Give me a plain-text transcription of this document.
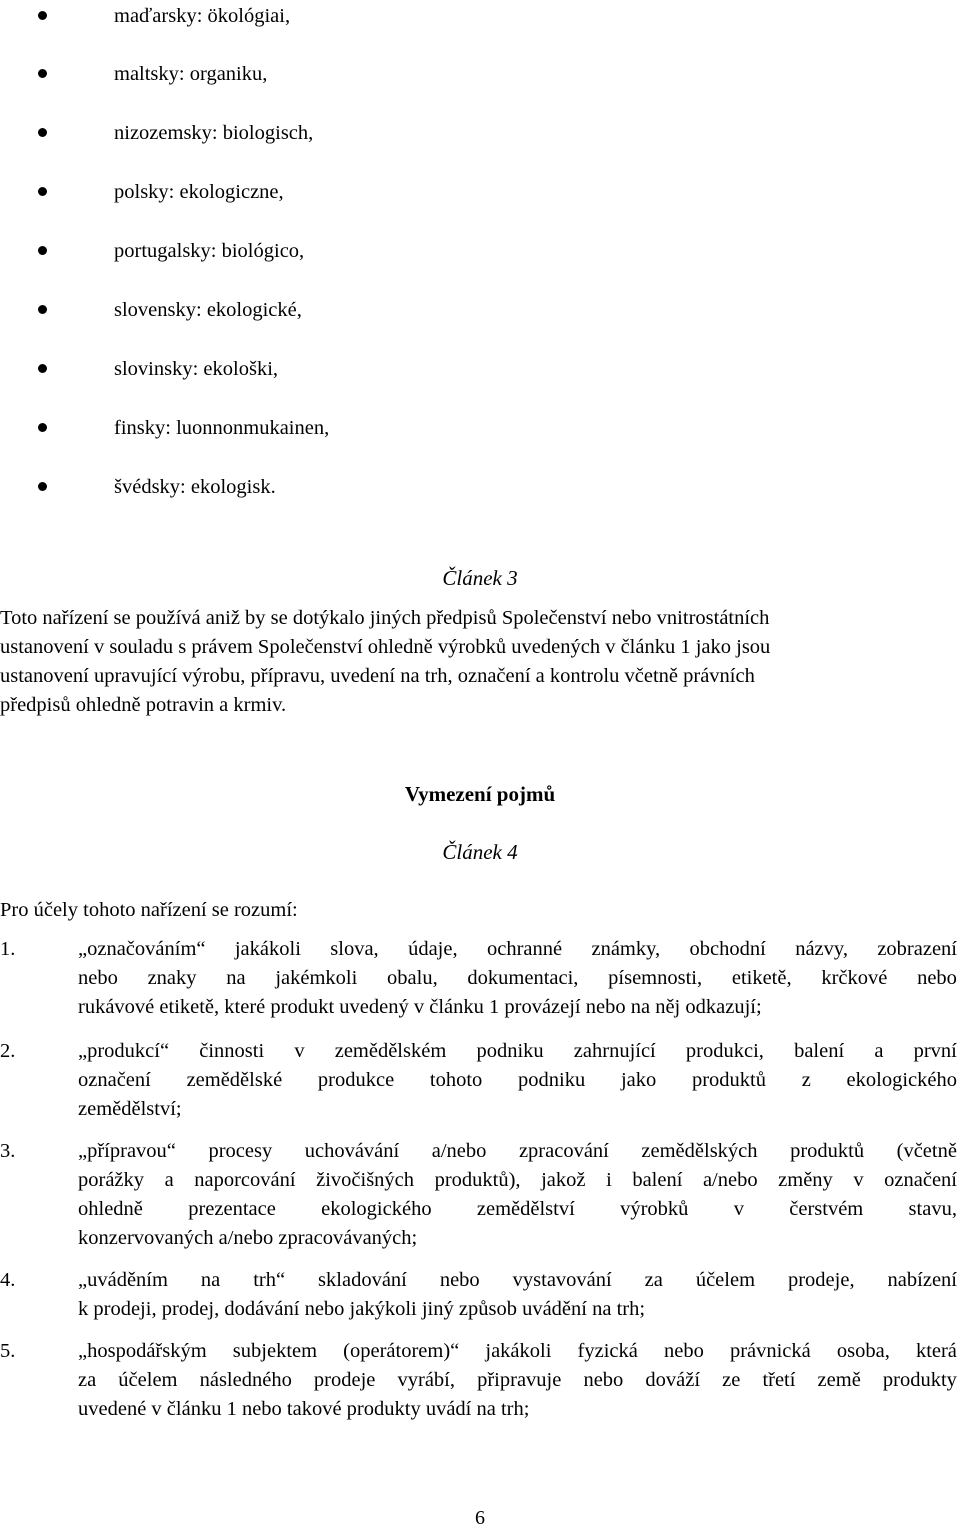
maďarsky: ökológiai,
maltsky: organiku,
nizozemsky: biologisch,
polsky: ekologiczne,
portugalsky: biológico,
slovensky: ekologické,
slovinsky: ekološki,
finsky: luonnonmukainen,
švédsky: ekologisk.
Článek 3
Toto nařízení se používá aniž by se dotýkalo jiných předpisů Společenství nebo vnitrostátních
ustanovení v souladu s právem Společenství ohledně výrobků uvedených v článku 1 jako jsou
ustanovení upravující výrobu, přípravu, uvedení na trh, označení a kontrolu včetně právních
předpisů ohledně potravin a krmiv.
Vymezení pojmů
Článek 4
Pro účely tohoto nařízení se rozumí:
1.	„označováním“ jakákoli slova, údaje, ochranné známky, obchodní názvy, zobrazení
nebo znaky na jakémkoli obalu, dokumentaci, písemnosti, etiketě, krčkové nebo
rukávové etiketě, které produkt uvedený v článku 1 provázejí nebo na něj odkazují;
2.	„produkcí“ činnosti v zemědělském podniku zahrnující produkci, balení a první
označení zemědělské produkce tohoto podniku jako produktů z ekologického
zemědělství;
3.	„přípravou“ procesy uchovávání a/nebo zpracování zemědělských produktů (včetně
porážky a naporcování živočišných produktů), jakož i balení a/nebo změny v označení
ohledně prezentace ekologického zemědělství výrobků v čerstvém stavu,
konzervovaných a/nebo zpracovávaných;
4.	„uváděním na trh“ skladování nebo vystavování za účelem prodeje, nabízení
k prodeji, prodej, dodávání nebo jakýkoli jiný způsob uvádění na trh;
5.	„hospodářským subjektem (operátorem)“ jakákoli fyzická nebo právnická osoba, která
za účelem následného prodeje vyrábí, připravuje nebo dováží ze třetí země produkty
uvedené v článku 1 nebo takové produkty uvádí na trh;
6
